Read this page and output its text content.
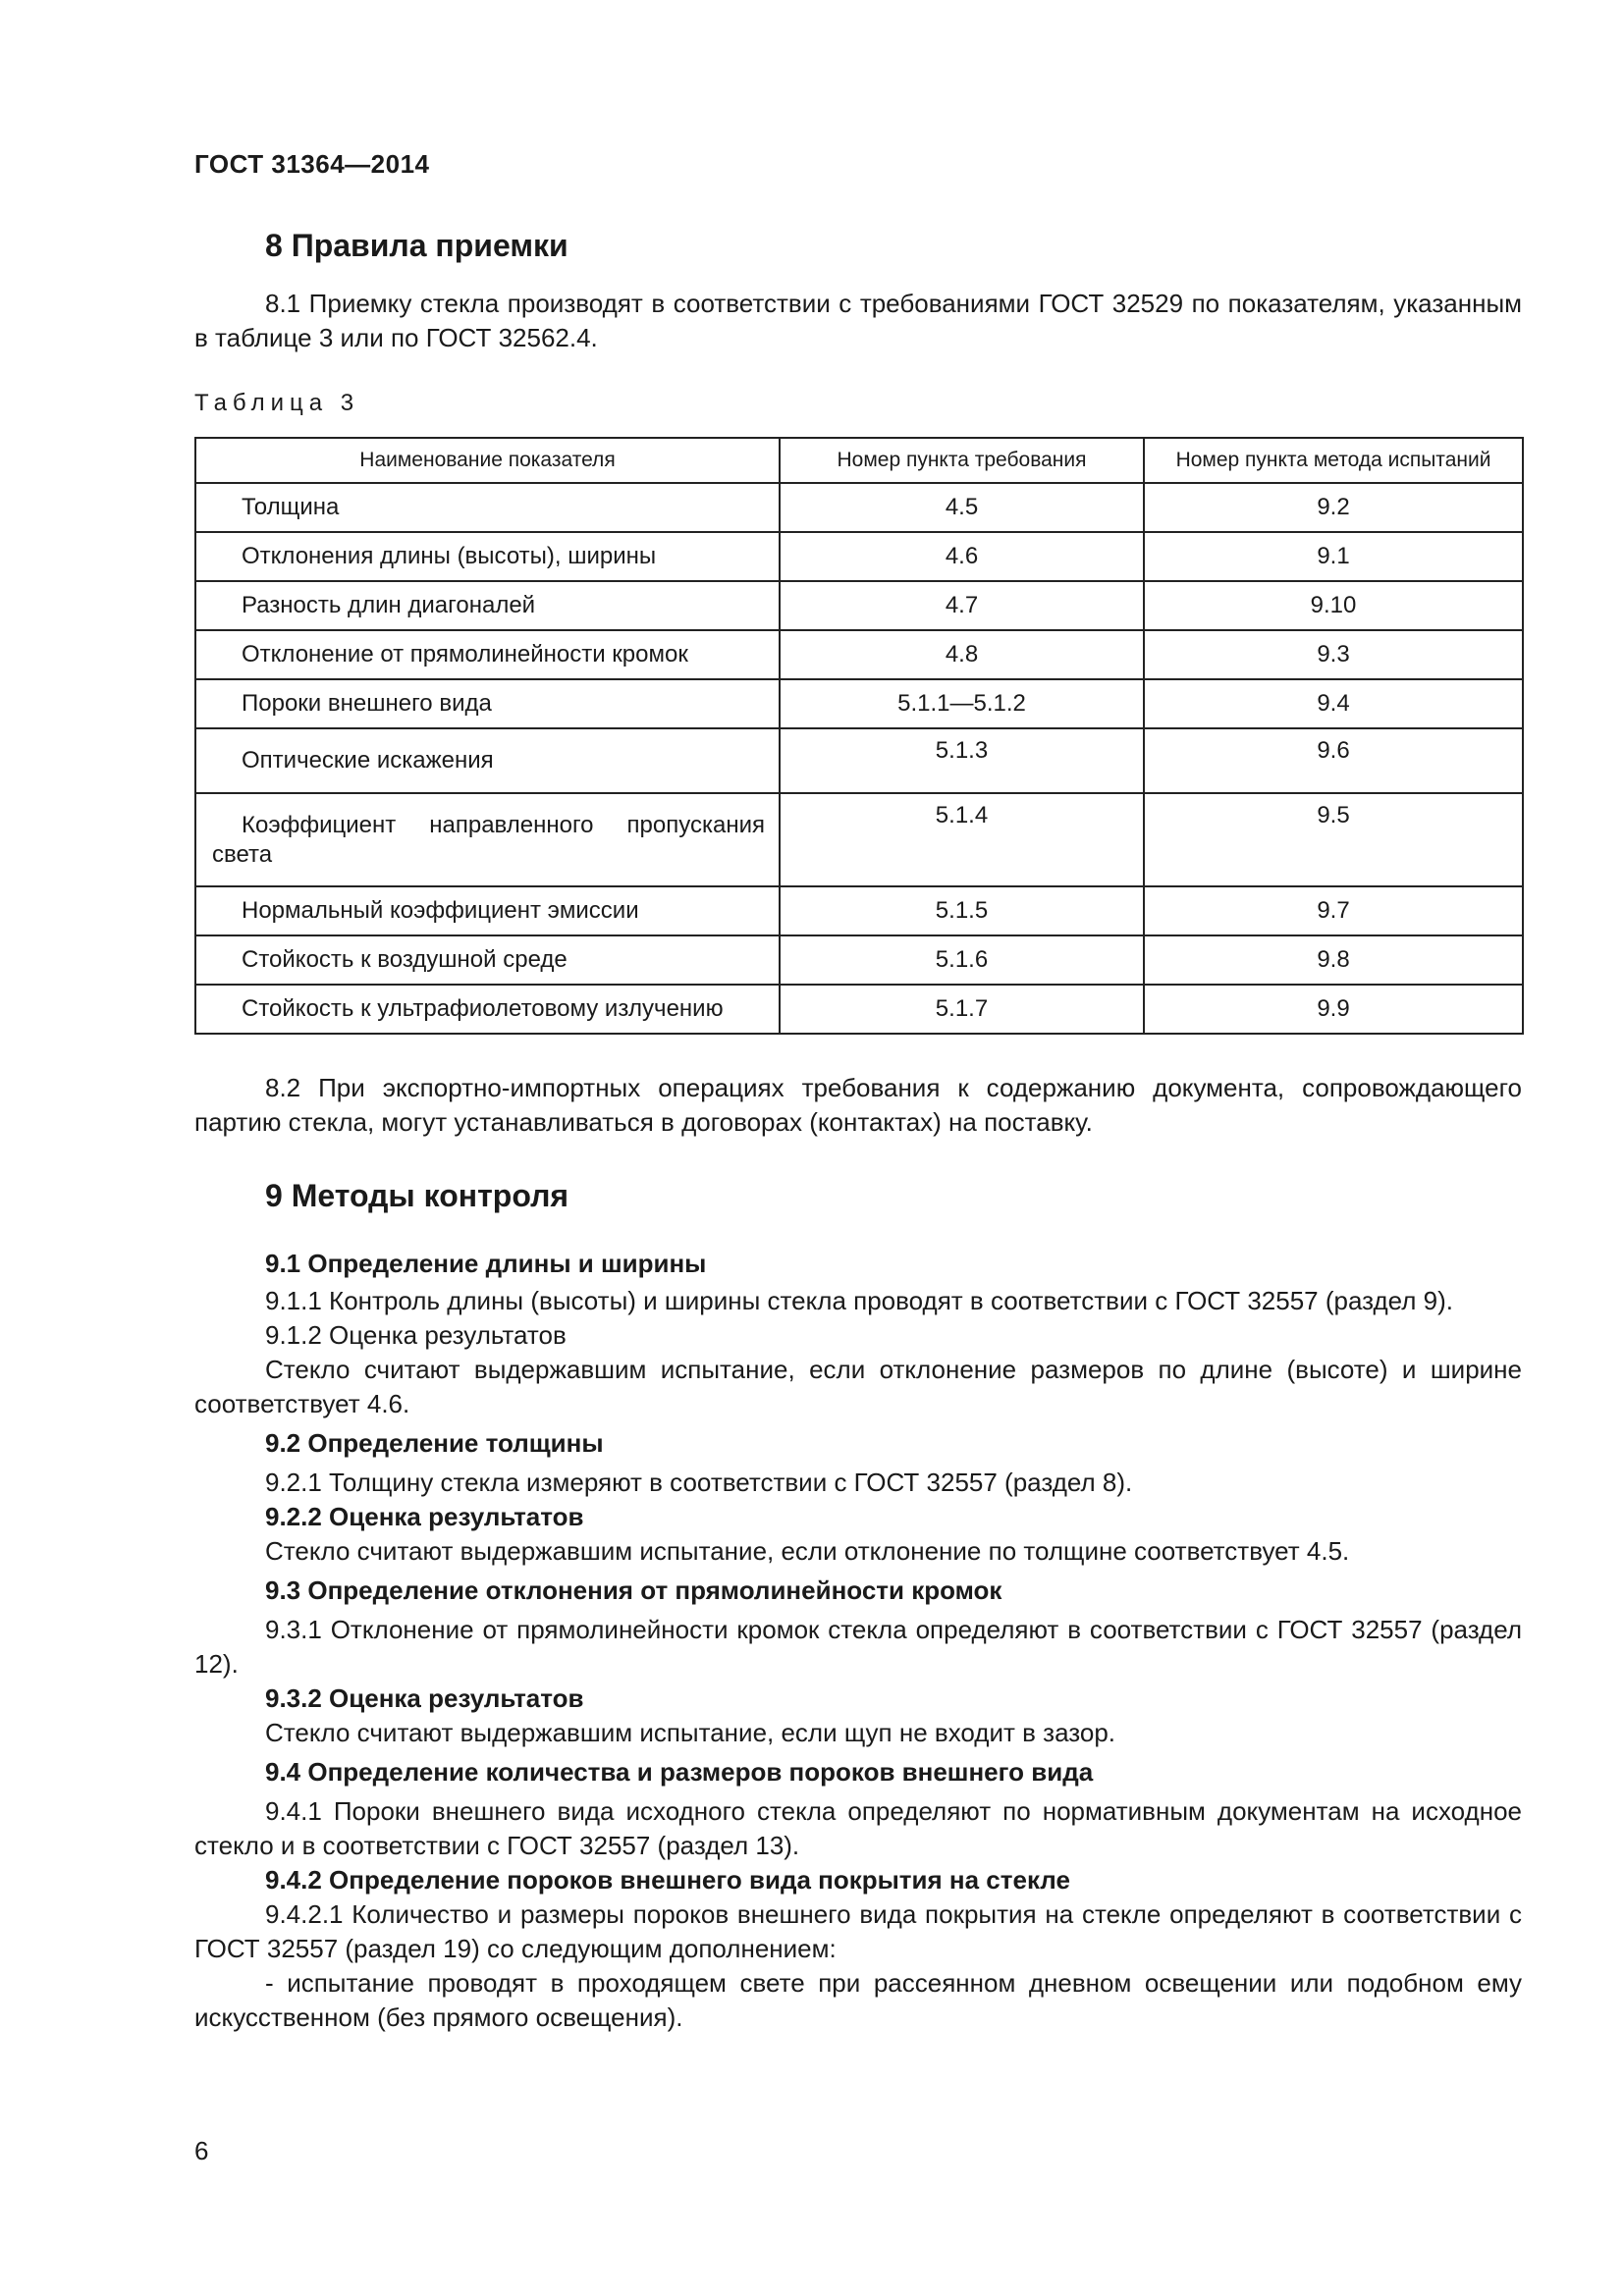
ГОСТ 31364—2014
8 Правила приемки

8.1 Приемку стекла производят в соответствии с требованиями ГОСТ 32529 по показателям, указанным в таблице 3 или по ГОСТ 32562.4.

Таблица 3
Наименование показателя	Номер пункта требования	Номер пункта метода испытаний
Толщина	4.5	9.2
Отклонения длины (высоты), ширины	4.6	9.1
Разность длин диагоналей	4.7	9.10
Отклонение от прямолинейности кромок	4.8	9.3
Пороки внешнего вида	5.1.1—5.1.2	9.4
Оптические искажения	5.1.3	9.6

Коэффициент направленного пропускания света	5.1.4	9.5
Нормальный коэффициент эмиссии	5.1.5	9.7
Стойкость к воздушной среде	5.1.6	9.8
Стойкость к ультрафиолетовому излучению	5.1.7	9.9

8.2 При экспортно-импортных операциях требования к содержанию документа, сопровождающего партию стекла, могут устанавливаться в договорах (контактах) на поставку.

9 Методы контроля

9.1 Определение длины и ширины

9.1.1 Контроль длины (высоты) и ширины стекла проводят в соответствии с ГОСТ 32557 (раздел 9).

9.1.2 Оценка результатов

Стекло считают выдержавшим испытание, если отклонение размеров по длине (высоте) и ширине соответствует 4.6.

9.2 Определение толщины

9.2.1 Толщину стекла измеряют в соответствии с ГОСТ 32557 (раздел 8).

9.2.2 Оценка результатов

Стекло считают выдержавшим испытание, если отклонение по толщине соответствует 4.5.

9.3 Определение отклонения от прямолинейности кромок

9.3.1 Отклонение от прямолинейности кромок стекла определяют в соответствии с ГОСТ 32557 (раздел 12).

9.3.2 Оценка результатов

Стекло считают выдержавшим испытание, если щуп не входит в зазор.

9.4 Определение количества и размеров пороков внешнего вида

9.4.1 Пороки внешнего вида исходного стекла определяют по нормативным документам на исходное стекло и в соответствии с ГОСТ 32557 (раздел 13).

9.4.2 Определение пороков внешнего вида покрытия на стекле

9.4.2.1 Количество и размеры пороков внешнего вида покрытия на стекле определяют в соответствии с ГОСТ 32557 (раздел 19) со следующим дополнением:

- испытание проводят в проходящем свете при рассеянном дневном освещении или подобном ему искусственном (без прямого освещения).

6
